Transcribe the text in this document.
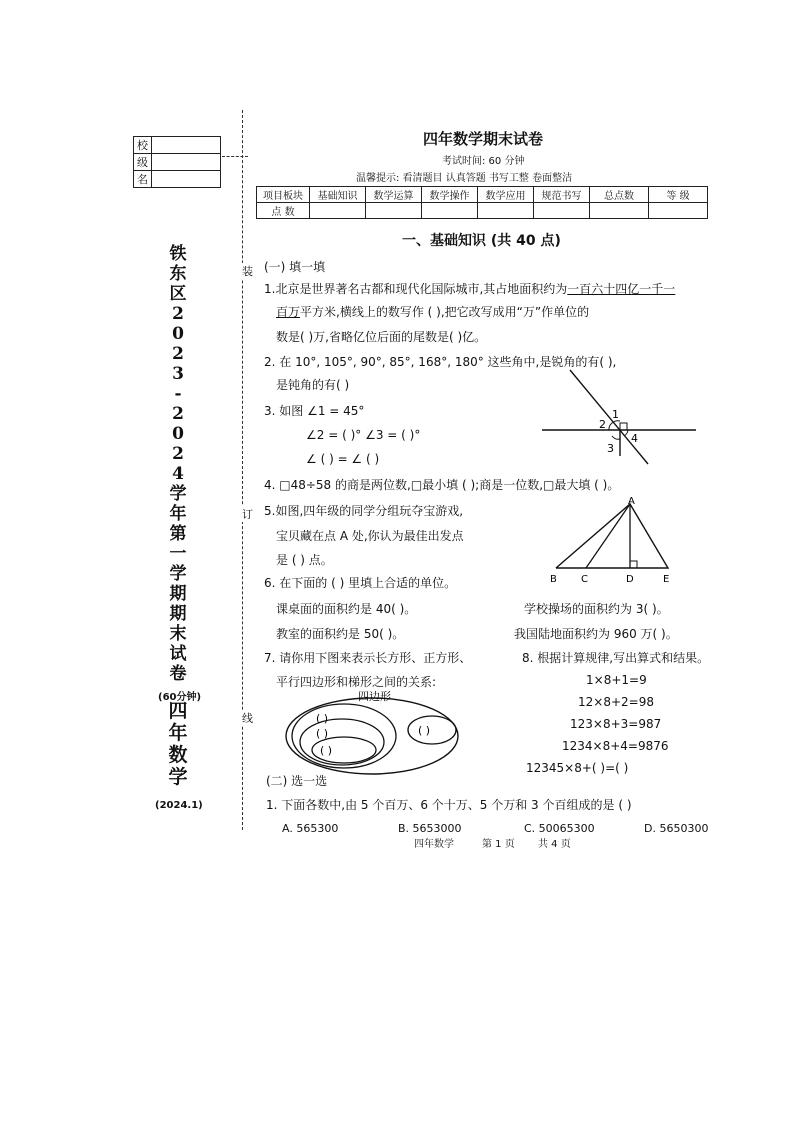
校	
级	
名	
铁
东
区
2
0
2
3
-
2
0
2
4
学
年
第
一
学
期
期
末
试
卷
(60分钟)
四
年
数
学
(2024.1)
装
订
线
四年数学期末试卷
考试时间: 60 分钟
温馨提示: 看清题目 认真答题 书写工整 卷面整洁
项目板块	基础知识	数学运算	数学操作	数学应用	规范书写	总点数	等 级
点 数							
一、基础知识 (共 40 点)
(一) 填一填
1.北京是世界著名古都和现代化国际城市,其占地面积约为一百六十四亿一千一
百万平方米,横线上的数写作 ( ),把它改写成用“万”作单位的
数是( )万,省略亿位后面的尾数是( )亿。
2. 在 10°, 105°, 90°, 85°, 168°, 180° 这些角中,是锐角的有( ),
是钝角的有( )
3. 如图 ∠1 = 45°
∠2 = ( )° ∠3 = ( )°
∠ ( ) = ∠ ( )
1
2
3
4
4. □48÷58 的商是两位数,□最小填 ( );商是一位数,□最大填 ( )。
5.如图,四年级的同学分组玩夺宝游戏,
宝贝藏在点 A 处,你认为最佳出发点
是 ( ) 点。
A
B C	D	E
6. 在下面的 ( ) 里填上合适的单位。
课桌面的面积约是 40( )。	学校操场的面积约为 3( )。
教室的面积约是 50( )。	我国陆地面积约为 960 万( )。
7. 请你用下图来表示长方形、正方形、
平行四边形和梯形之间的关系:
四边形
( )
( )
( )
( )
8. 根据计算规律,写出算式和结果。
1×8+1=9
12×8+2=98
123×8+3=987
1234×8+4=9876
12345×8+( )=( )
(二) 选一选
1. 下面各数中,由 5 个百万、6 个十万、5 个万和 3 个百组成的是 ( )
A. 565300	B. 5653000	C. 50065300	D. 5650300
四年数学	第 1 页 共 4 页
